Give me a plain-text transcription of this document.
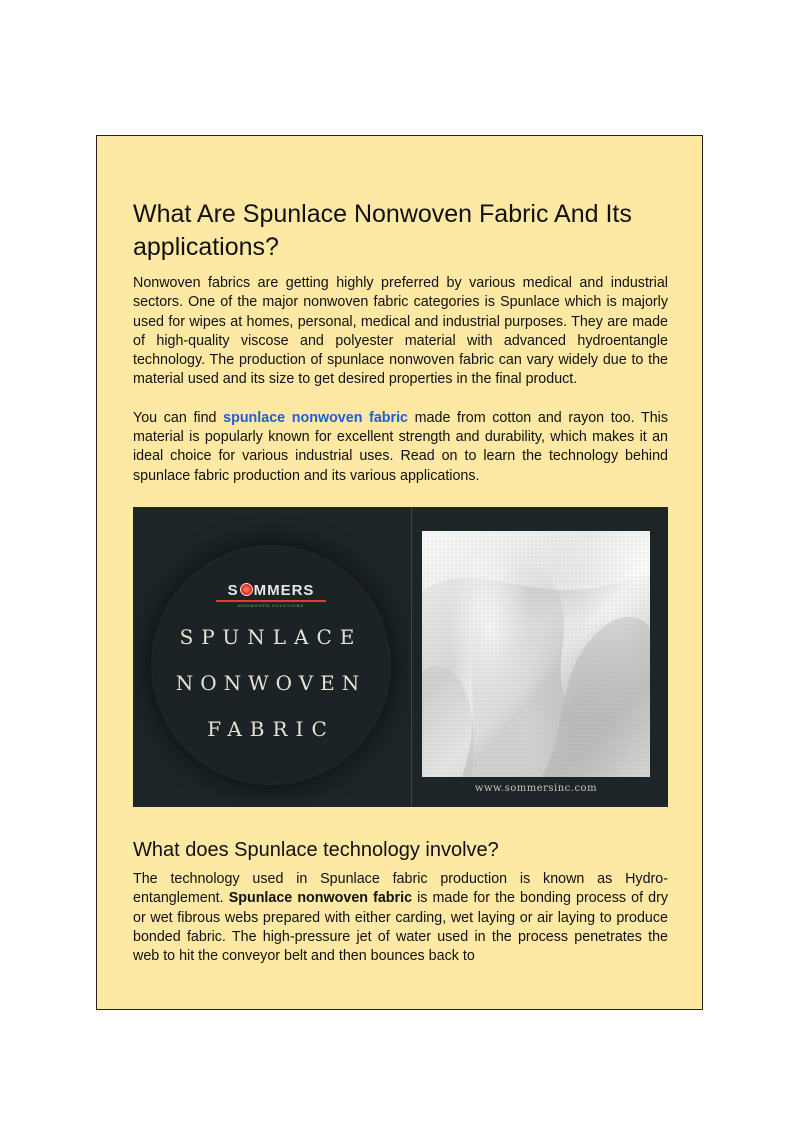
What Are Spunlace Nonwoven Fabric And Its applications?

Nonwoven fabrics are getting highly preferred by various medical and industrial sectors. One of the major nonwoven fabric categories is Spunlace which is majorly used for wipes at homes, personal, medical and industrial purposes. They are made of high-quality viscose and polyester material with advanced hydroentangle technology. The production of spunlace nonwoven fabric can vary widely due to the material used and its size to get desired properties in the final product.

You can find spunlace nonwoven fabric made from cotton and rayon too. This material is popularly known for excellent strength and durability, which makes it an ideal choice for various industrial uses. Read on to learn the technology behind spunlace fabric production and its various applications.

S MMERS
NONWOVEN SOLUTIONS
SPUNLACE
NONWOVEN
FABRIC
www.sommersinc.com
What does Spunlace technology involve?

The technology used in Spunlace fabric production is known as Hydro-entanglement. Spunlace nonwoven fabric is made for the bonding process of dry or wet fibrous webs prepared with either carding, wet laying or air laying to produce bonded fabric. The high-pressure jet of water used in the process penetrates the web to hit the conveyor belt and then bounces back to
